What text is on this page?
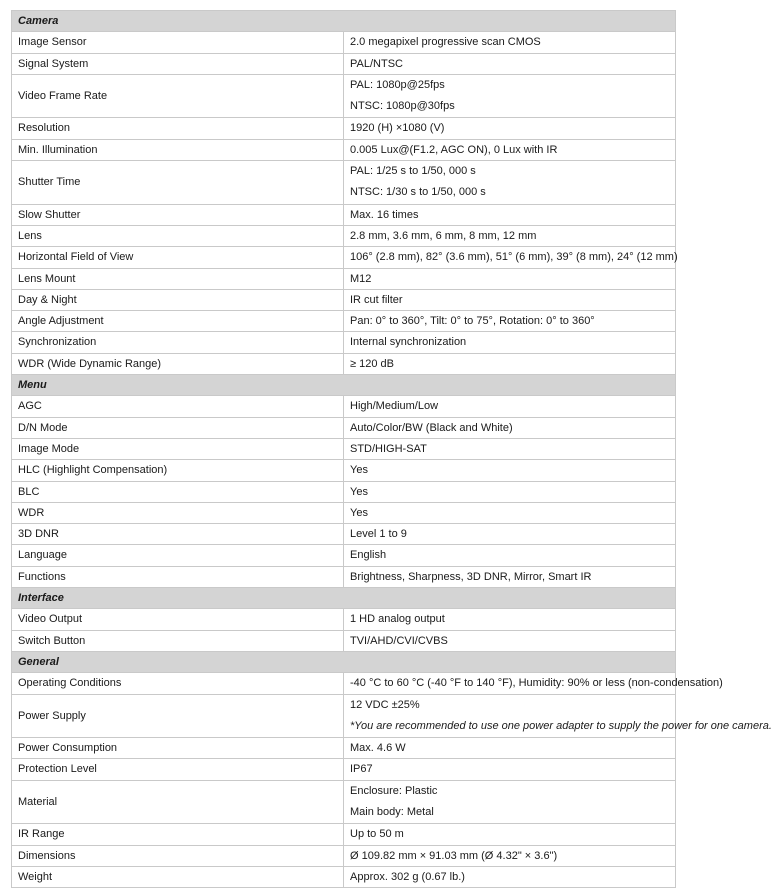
Camera	
Image Sensor	2.0 megapixel progressive scan CMOS
Signal System	PAL/NTSC
Video Frame Rate	PAL: 1080p@25fps
NTSC: 1080p@30fps

Resolution	1920 (H) ×1080 (V)
Min. Illumination	0.005 Lux@(F1.2, AGC ON), 0 Lux with IR
Shutter Time	PAL: 1/25 s to 1/50, 000 s
NTSC: 1/30 s to 1/50, 000 s

Slow Shutter	Max. 16 times
Lens	2.8 mm, 3.6 mm, 6 mm, 8 mm, 12 mm
Horizontal Field of View	106° (2.8 mm), 82° (3.6 mm), 51° (6 mm), 39° (8 mm), 24° (12 mm)
Lens Mount	M12
Day & Night	IR cut filter
Angle Adjustment	Pan: 0° to 360°, Tilt: 0° to 75°, Rotation: 0° to 360°
Synchronization	Internal synchronization
WDR (Wide Dynamic Range)	≥ 120 dB
Menu	
AGC	High/Medium/Low
D/N Mode	Auto/Color/BW (Black and White)
Image Mode	STD/HIGH-SAT
HLC (Highlight Compensation)	Yes
BLC	Yes
WDR	Yes
3D DNR	Level 1 to 9
Language	English
Functions	Brightness, Sharpness, 3D DNR, Mirror, Smart IR
Interface	
Video Output	1 HD analog output
Switch Button	TVI/AHD/CVI/CVBS
General	
Operating Conditions	-40 °C to 60 °C (-40 °F to 140 °F), Humidity: 90% or less (non-condensation)
Power Supply	12 VDC ±25%
*You are recommended to use one power adapter to supply the power for one camera.

Power Consumption	Max. 4.6 W
Protection Level	IP67
Material	Enclosure: Plastic
Main body: Metal

IR Range	Up to 50 m
Dimensions	Ø 109.82 mm × 91.03 mm (Ø 4.32" × 3.6")
Weight	Approx. 302 g (0.67 lb.)
